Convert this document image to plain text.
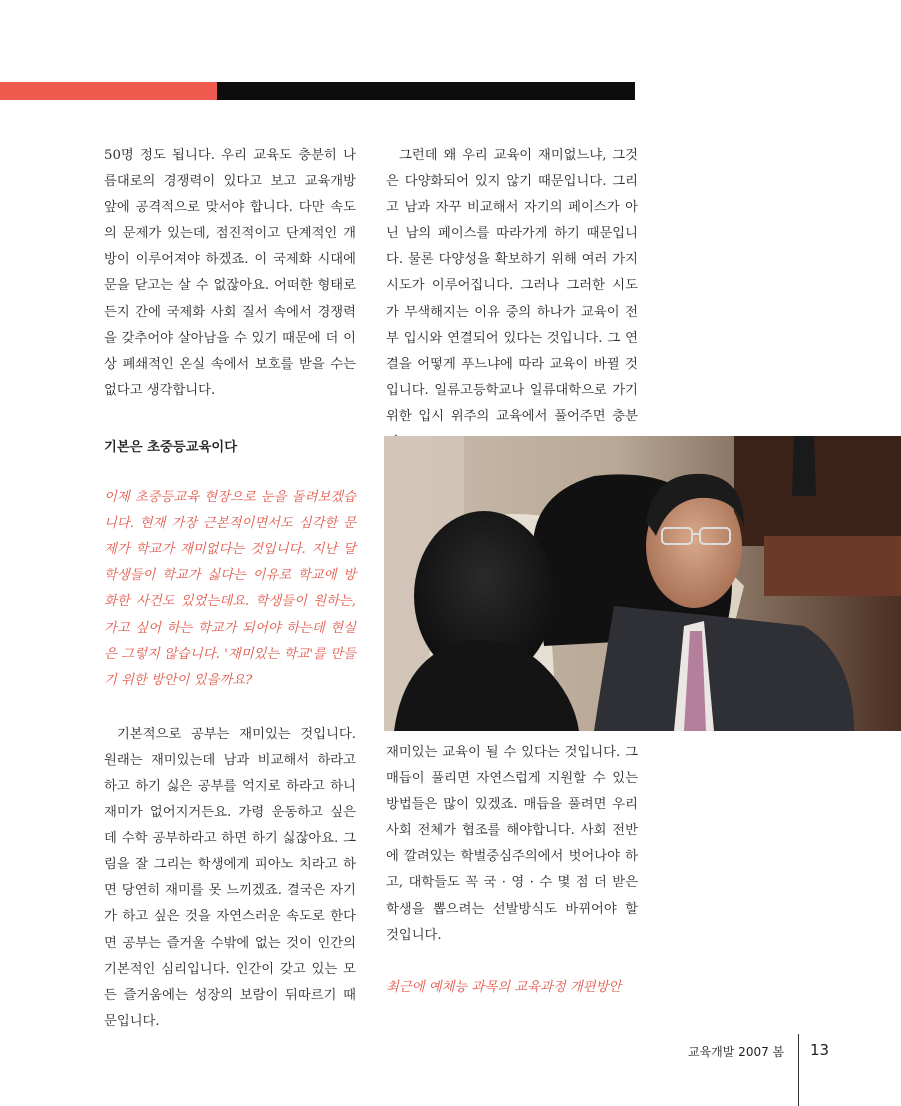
50명 정도 됩니다. 우리 교육도 충분히 나름대로의 경쟁력이 있다고 보고 교육개방 앞에 공격적으로 맞서야 합니다. 다만 속도의 문제가 있는데, 점진적이고 단계적인 개방이 이루어져야 하겠죠. 이 국제화 시대에 문을 닫고는 살 수 없잖아요. 어떠한 형태로든지 간에 국제화 사회 질서 속에서 경쟁력을 갖추어야 살아남을 수 있기 때문에 더 이상 폐쇄적인 온실 속에서 보호를 받을 수는 없다고 생각합니다.

기본은 초중등교육이다

이제 초중등교육 현장으로 눈을 돌려보겠습니다. 현재 가장 근본적이면서도 심각한 문제가 학교가 재미없다는 것입니다. 지난 달 학생들이 학교가 싫다는 이유로 학교에 방화한 사건도 있었는데요. 학생들이 원하는, 가고 싶어 하는 학교가 되어야 하는데 현실은 그렇지 않습니다. '재미있는 학교'를 만들기 위한 방안이 있을까요?

기본적으로 공부는 재미있는 것입니다. 원래는 재미있는데 남과 비교해서 하라고 하고 하기 싫은 공부를 억지로 하라고 하니 재미가 없어지거든요. 가령 운동하고 싶은데 수학 공부하라고 하면 하기 싫잖아요. 그림을 잘 그리는 학생에게 피아노 치라고 하면 당연히 재미를 못 느끼겠죠. 결국은 자기가 하고 싶은 것을 자연스러운 속도로 한다면 공부는 즐거울 수밖에 없는 것이 인간의 기본적인 심리입니다. 인간이 갖고 있는 모든 즐거움에는 성장의 보람이 뒤따르기 때문입니다.

그런데 왜 우리 교육이 재미없느냐, 그것은 다양화되어 있지 않기 때문입니다. 그리고 남과 자꾸 비교해서 자기의 페이스가 아닌 남의 페이스를 따라가게 하기 때문입니다. 물론 다양성을 확보하기 위해 여러 가지 시도가 이루어집니다. 그러나 그러한 시도가 무색해지는 이유 중의 하나가 교육이 전부 입시와 연결되어 있다는 것입니다. 그 연결을 어떻게 푸느냐에 따라 교육이 바뀔 것입니다. 일류고등학교나 일류대학으로 가기 위한 입시 위주의 교육에서 풀어주면 충분

재미있는 교육이 될 수 있다는 것입니다. 그 매듭이 풀리면 자연스럽게 지원할 수 있는 방법들은 많이 있겠죠. 매듭을 풀려면 우리 사회 전체가 협조를 해야합니다. 사회 전반에 깔려있는 학벌중심주의에서 벗어나야 하고, 대학들도 꼭 국 · 영 · 수 몇 점 더 받은 학생을 뽑으려는 선발방식도 바뀌어야 할 것입니다.

최근에 예체능 과목의 교육과정 개편방안

교육개발 2007 봄 13
